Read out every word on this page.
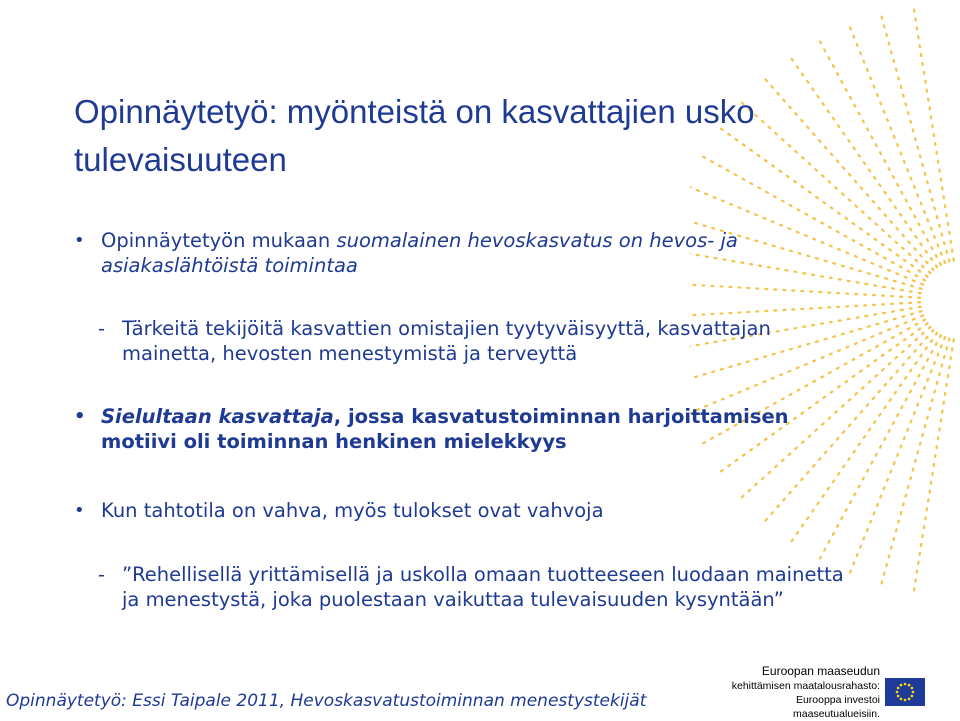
Opinnäytetyö: myönteistä on kasvattajien usko tulevaisuuteen
• Opinnäytetyön mukaan suomalainen hevoskasvatus on hevos- ja asiakaslähtöistä toimintaa
- Tärkeitä tekijöitä kasvattien omistajien tyytyväisyyttä, kasvattajan mainetta, hevosten menestymistä ja terveyttä
• Sielultaan kasvattaja, jossa kasvatustoiminnan harjoittamisen motiivi oli toiminnan henkinen mielekkyys
• Kun tahtotila on vahva, myös tulokset ovat vahvoja
- ”Rehellisellä yrittämisellä ja uskolla omaan tuotteeseen luodaan mainetta ja menestystä, joka puolestaan vaikuttaa tulevaisuuden kysyntään”
Opinnäytetyö: Essi Taipale 2011, Hevoskasvatustoiminnan menestystekijät
Euroopan maaseudun
kehittämisen maatalousrahasto:
Eurooppa investoi maaseutualueisiin.
